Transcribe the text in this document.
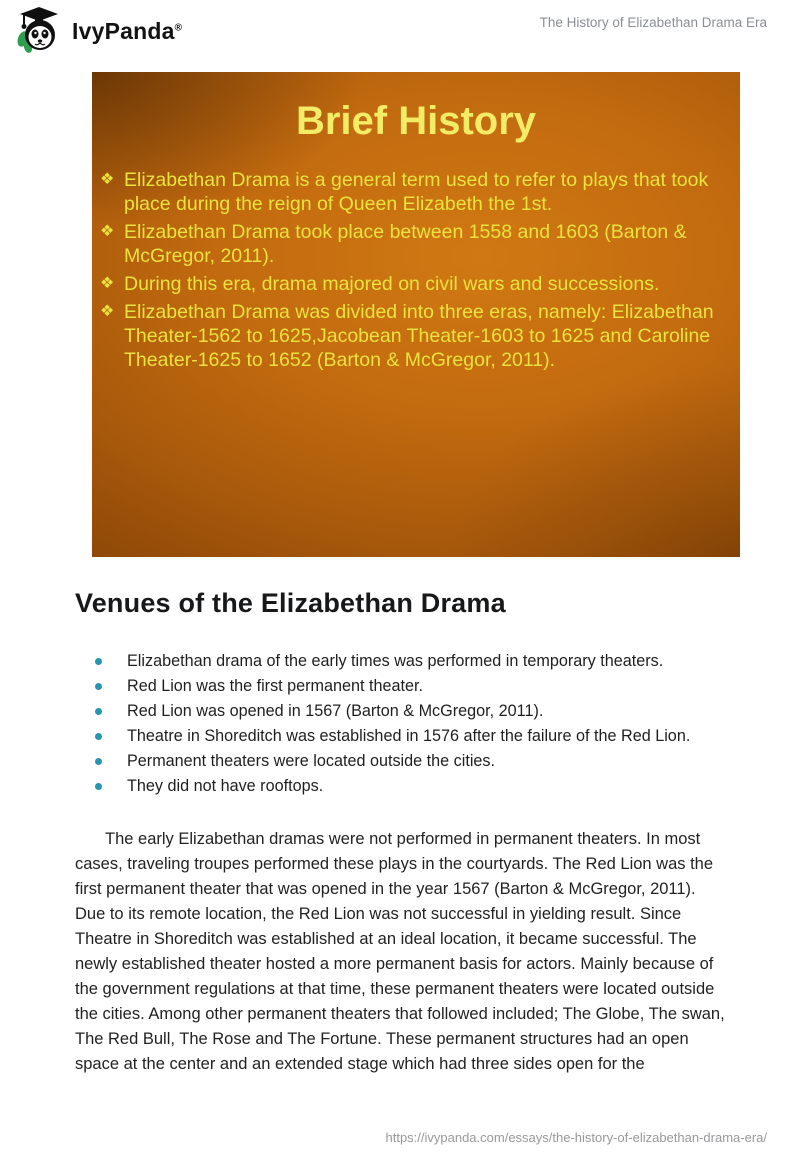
IvyPanda®	The History of Elizabethan Drama Era
Brief History
❖ Elizabethan Drama is a general term used to refer to plays that took place during the reign of Queen Elizabeth the 1st.
❖ Elizabethan Drama took place between 1558 and 1603 (Barton & McGregor, 2011).
❖ During this era, drama majored on civil wars and successions.
❖ Elizabethan Drama was divided into three eras, namely: Elizabethan Theater-1562 to 1625,Jacobean Theater-1603 to 1625 and Caroline Theater-1625 to 1652 (Barton & McGregor, 2011).
Venues of the Elizabethan Drama
Elizabethan drama of the early times was performed in temporary theaters.
Red Lion was the first permanent theater.
Red Lion was opened in 1567 (Barton & McGregor, 2011).
Theatre in Shoreditch was established in 1576 after the failure of the Red Lion.
Permanent theaters were located outside the cities.
They did not have rooftops.

The early Elizabethan dramas were not performed in permanent theaters. In most cases, traveling troupes performed these plays in the courtyards. The Red Lion was the first permanent theater that was opened in the year 1567 (Barton & McGregor, 2011). Due to its remote location, the Red Lion was not successful in yielding result. Since Theatre in Shoreditch was established at an ideal location, it became successful. The newly established theater hosted a more permanent basis for actors. Mainly because of the government regulations at that time, these permanent theaters were located outside the cities. Among other permanent theaters that followed included; The Globe, The swan, The Red Bull, The Rose and The Fortune. These permanent structures had an open space at the center and an extended stage which had three sides open for the

https://ivypanda.com/essays/the-history-of-elizabethan-drama-era/
